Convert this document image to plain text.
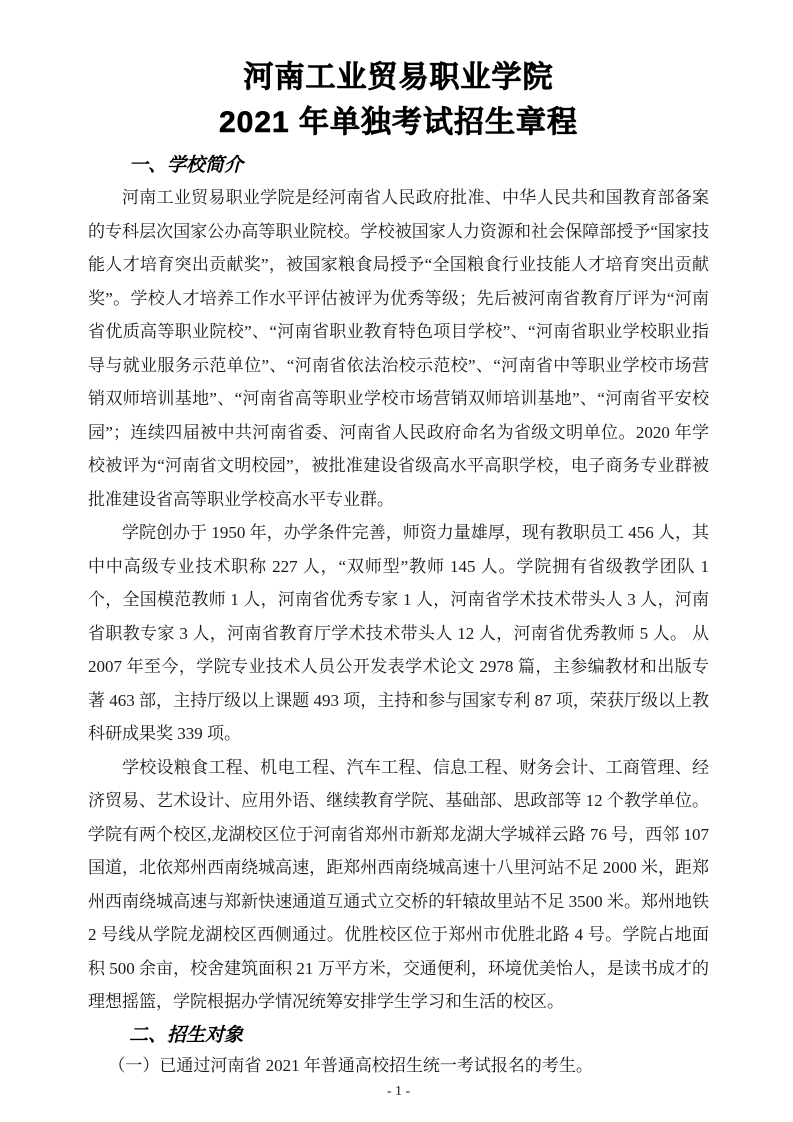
河南工业贸易职业学院
2021 年单独考试招生章程
一、学校简介

河南工业贸易职业学院是经河南省人民政府批准、中华人民共和国教育部备案的专科层次国家公办高等职业院校。学校被国家人力资源和社会保障部授予“国家技能人才培育突出贡献奖”，被国家粮食局授予“全国粮食行业技能人才培育突出贡献奖”。学校人才培养工作水平评估被评为优秀等级；先后被河南省教育厅评为“河南省优质高等职业院校”、“河南省职业教育特色项目学校”、“河南省职业学校职业指导与就业服务示范单位”、“河南省依法治校示范校”、“河南省中等职业学校市场营销双师培训基地”、“河南省高等职业学校市场营销双师培训基地”、“河南省平安校园”；连续四届被中共河南省委、河南省人民政府命名为省级文明单位。2020 年学校被评为“河南省文明校园”，被批准建设省级高水平高职学校，电子商务专业群被批准建设省高等职业学校高水平专业群。

学院创办于 1950 年，办学条件完善，师资力量雄厚，现有教职员工 456 人，其中中高级专业技术职称 227 人，“双师型”教师 145 人。学院拥有省级教学团队 1 个，全国模范教师 1 人，河南省优秀专家 1 人，河南省学术技术带头人 3 人，河南省职教专家 3 人，河南省教育厅学术技术带头人 12 人，河南省优秀教师 5 人。 从 2007 年至今，学院专业技术人员公开发表学术论文 2978 篇，主参编教材和出版专著 463 部，主持厅级以上课题 493 项，主持和参与国家专利 87 项，荣获厅级以上教科研成果奖 339 项。

学校设粮食工程、机电工程、汽车工程、信息工程、财务会计、工商管理、经济贸易、艺术设计、应用外语、继续教育学院、基础部、思政部等 12 个教学单位。学院有两个校区,龙湖校区位于河南省郑州市新郑龙湖大学城祥云路 76 号，西邻 107 国道，北依郑州西南绕城高速，距郑州西南绕城高速十八里河站不足 2000 米，距郑州西南绕城高速与郑新快速通道互通式立交桥的轩辕故里站不足 3500 米。郑州地铁 2 号线从学院龙湖校区西侧通过。优胜校区位于郑州市优胜北路 4 号。学院占地面积 500 余亩，校舍建筑面积 21 万平方米，交通便利，环境优美怡人，是读书成才的理想摇篮，学院根据办学情况统筹安排学生学习和生活的校区。

二、招生对象

（一）已通过河南省 2021 年普通高校招生统一考试报名的考生。

- 1 -
